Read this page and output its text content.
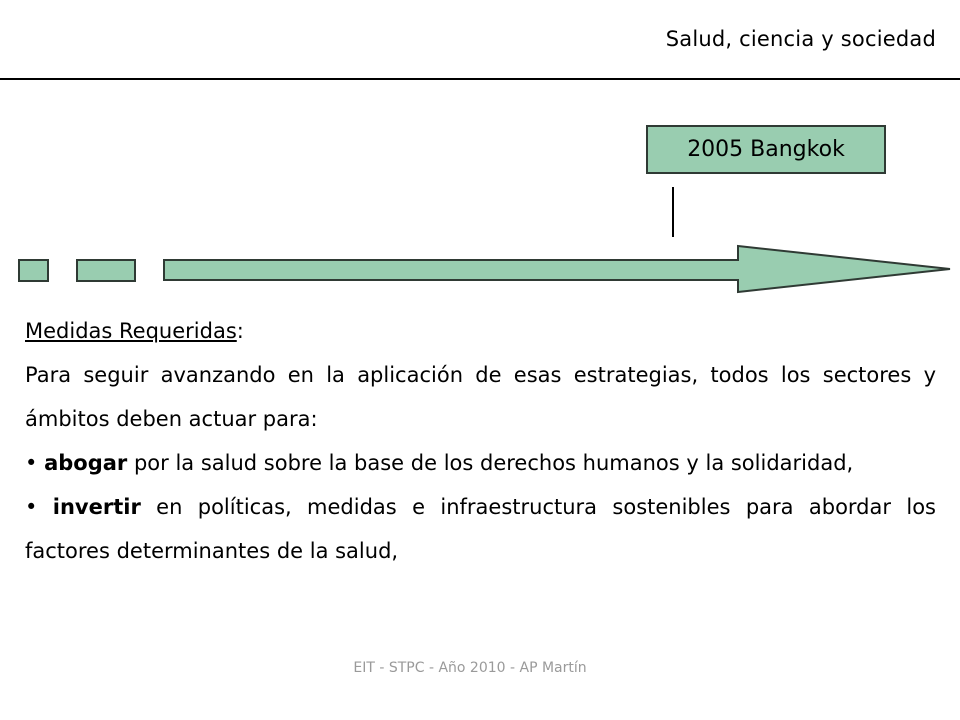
Salud, ciencia y sociedad
2005 Bangkok

Medidas Requeridas:

Para seguir avanzando en la aplicación de esas estrategias, todos los sectores y ámbitos deben actuar para:

• abogar por la salud sobre la base de los derechos humanos y la solidaridad,

• invertir en políticas, medidas e infraestructura sostenibles para abordar los factores determinantes de la salud,

EIT - STPC - Año 2010 - AP Martín
